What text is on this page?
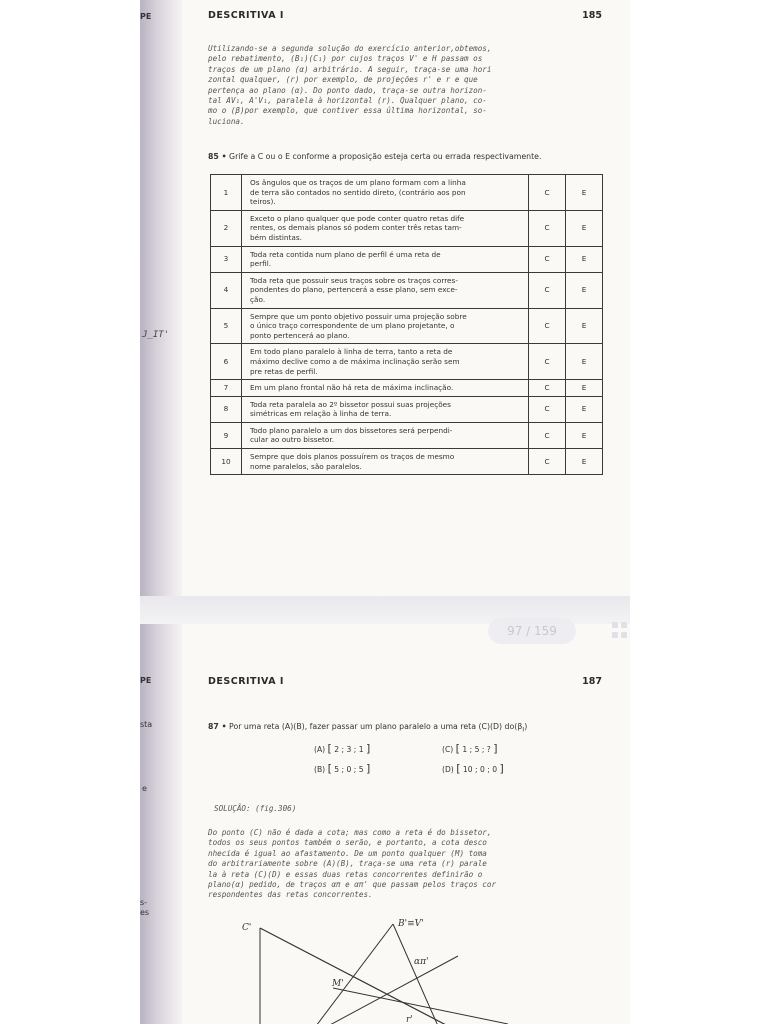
PE
J̲IT'
DESCRITIVA I	185
Utilizando-se a segunda solução do exercício anterior,obtemos,
pelo rebatimento, (B₁)(C₁) por cujos traços V' e H passam os
traços de um plano (α) arbitrário. A seguir, traça-se uma hori
zontal qualquer, (r) por exemplo, de projeções r' e r e que
pertença ao plano (α). Do ponto dado, traça-se outra horizon-
tal AV₁, A'V₁, paralela à horizontal (r). Qualquer plano, co-
mo o (β)por exemplo, que contiver essa última horizontal, so-
luciona.
85 • Grife a C ou o E conforme a proposição esteja certa ou errada respectivamente.
1	Os ângulos que os traços de um plano formam com a linha
de terra são contados no sentido direto, (contrário aos pon
teiros).	C	E
2	Exceto o plano qualquer que pode conter quatro retas dife
rentes, os demais planos só podem conter três retas tam-
bém distintas.	C	E
3	Toda reta contida num plano de perfil é uma reta de
perfil.	C	E
4	Toda reta que possuir seus traços sobre os traços corres-
pondentes do plano, pertencerá a esse plano, sem exce-
ção.	C	E
5	Sempre que um ponto objetivo possuir uma projeção sobre
o único traço correspondente de um plano projetante, o
ponto pertencerá ao plano.	C	E
6	Em todo plano paralelo à linha de terra, tanto a reta de
máximo declive como a de máxima inclinação serão sem
pre retas de perfil.	C	E
7	Em um plano frontal não há reta de máxima inclinação.	C	E
8	Toda reta paralela ao 2º bissetor possui suas projeções
simétricas em relação à linha de terra.	C	E
9	Todo plano paralelo a um dos bissetores será perpendi-
cular ao outro bissetor.	C	E
10	Sempre que dois planos possuírem os traços de mesmo
nome paralelos, são paralelos.	C	E
PE
sta
e
s-
es
DESCRITIVA I	187
87 • Por uma reta (A)(B), fazer passar um plano paralelo a uma reta (C)(D) $do(\beta_I)$
(A) [ 2 ; 3 ; 1 ]	(C) [ 1 ; 5 ; ? ]
(B) [ 5 ; 0 ; 5 ]	(D) [ 10 ; 0 ; 0 ]
SOLUÇÃO: (fig.306)
Do ponto (C) não é dada a cota; mas como a reta é do bissetor,
todos os seus pontos também o serão, e portanto, a cota desco
nhecida é igual ao afastamento. De um ponto qualquer (M) toma
do arbitrariamente sobre (A)(B), traça-se uma reta (r) parale
la à reta (C)(D) e essas duas retas concorrentes definirão o
plano(α) pedido, de traços απ e απ' que passam pelos traços cor
respondentes das retas concorrentes.
C'	B'≡V'
απ'
M'
r'
97 / 159
